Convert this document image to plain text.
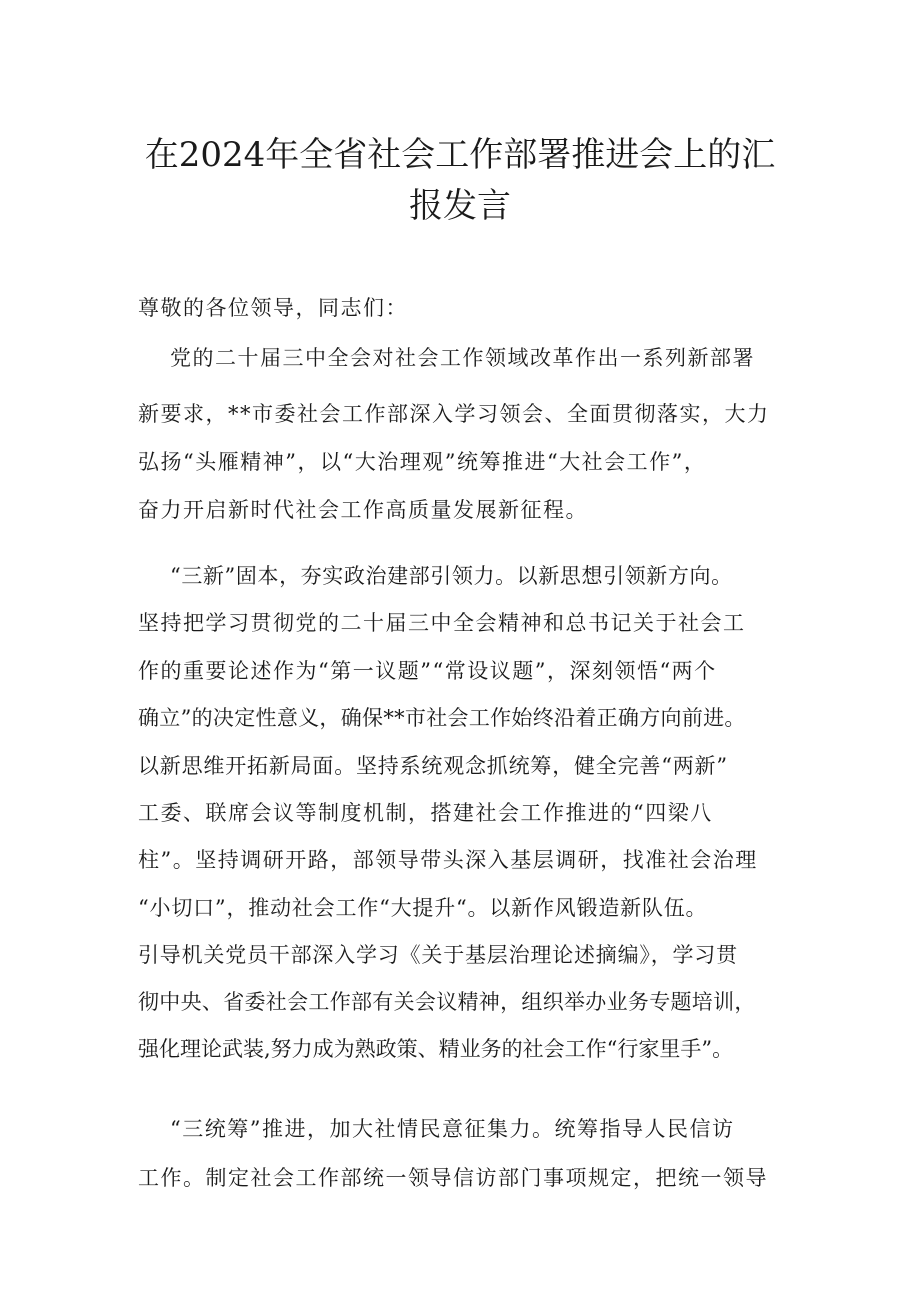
在2024年全省社会工作部署推进会上的汇
报发言
尊敬的各位领导，同志们：
党的二十届三中全会对社会工作领域改革作出一系列新部署
新要求，**市委社会工作部深入学习领会、全面贯彻落实，大力
弘扬“头雁精神”，以“大治理观”统筹推进“大社会工作”，
奋力开启新时代社会工作高质量发展新征程。
“三新”固本，夯实政治建部引领力。以新思想引领新方向。
坚持把学习贯彻党的二十届三中全会精神和总书记关于社会工
作的重要论述作为“第一议题”“常设议题”，深刻领悟“两个
确立”的决定性意义，确保**市社会工作始终沿着正确方向前进。
以新思维开拓新局面。坚持系统观念抓统筹，健全完善“两新”
工委、联席会议等制度机制，搭建社会工作推进的“四梁八
柱”。坚持调研开路，部领导带头深入基层调研，找准社会治理
“小切口”，推动社会工作“大提升“。以新作风锻造新队伍。
引导机关党员干部深入学习《关于基层治理论述摘编》，学习贯
彻中央、省委社会工作部有关会议精神，组织举办业务专题培训，
强化理论武装,努力成为熟政策、精业务的社会工作“行家里手”。
“三统筹”推进，加大社情民意征集力。统筹指导人民信访
工作。制定社会工作部统一领导信访部门事项规定，把统一领导
